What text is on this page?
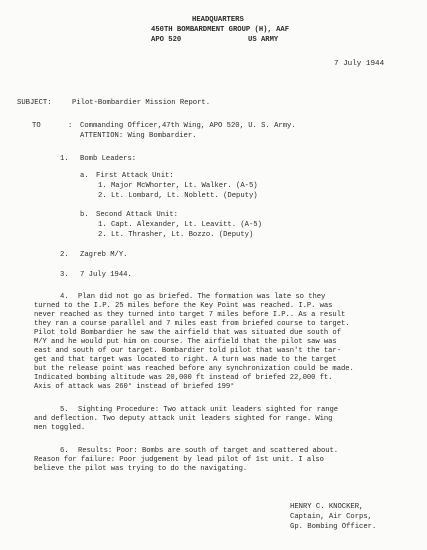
HEADQUARTERS
450TH BOMBARDMENT GROUP (H), AAF
APO 520	US ARMY
7 July 1944
SUBJECT:	Pilot-Bombardier Mission Report.
TO	: Commanding Officer,47th Wing, APO 520, U. S. Army.
ATTENTION: Wing Bombardier.
1. Bomb Leaders:
a. First Attack Unit:
1. Major McWhorter, Lt. Walker. (A-5)
2. Lt. Lombard, Lt. Noblett. (Deputy)
b. Second Attack Unit:
1. Capt. Alexander, Lt. Leavitt. (A-5)
2. Lt. Thrasher, Lt. Bozzo. (Deputy)
2. Zagreb M/Y.
3. 7 July 1944.
4. Plan did not go as briefed. The formation was late so they
turned to the I.P. 25 miles before the Key Point was reached. I.P. was
never reached as they turned into target 7 miles before I.P.. As a result
they ran a course parallel and 7 miles east from briefed course to target.
Pilot told Bombardier he saw the airfield that was situated due south of
M/Y and he would put him on course. The airfield that the pilot saw was
east and south of our target. Bombardier told pilot that wasn't the tar-
get and that target was located to right. A turn was made to the target
but the release point was reached before any synchronization could be made.
Indicated bombing altitude was 20,000 ft instead of briefed 22,000 ft.
Axis of attack was 260° instead of briefed 199°
5. Sighting Procedure: Two attack unit leaders sighted for range
and deflection. Two deputy attack unit leaders sighted for range. Wing
men toggled.
6. Results: Poor: Bombs are south of target and scattered about.
Reason for failure: Poor judgement by lead pilot of 1st unit. I also
believe the pilot was trying to do the navigating.
HENRY C. KNOCKER,
Captain, Air Corps,
Gp. Bombing Officer.
